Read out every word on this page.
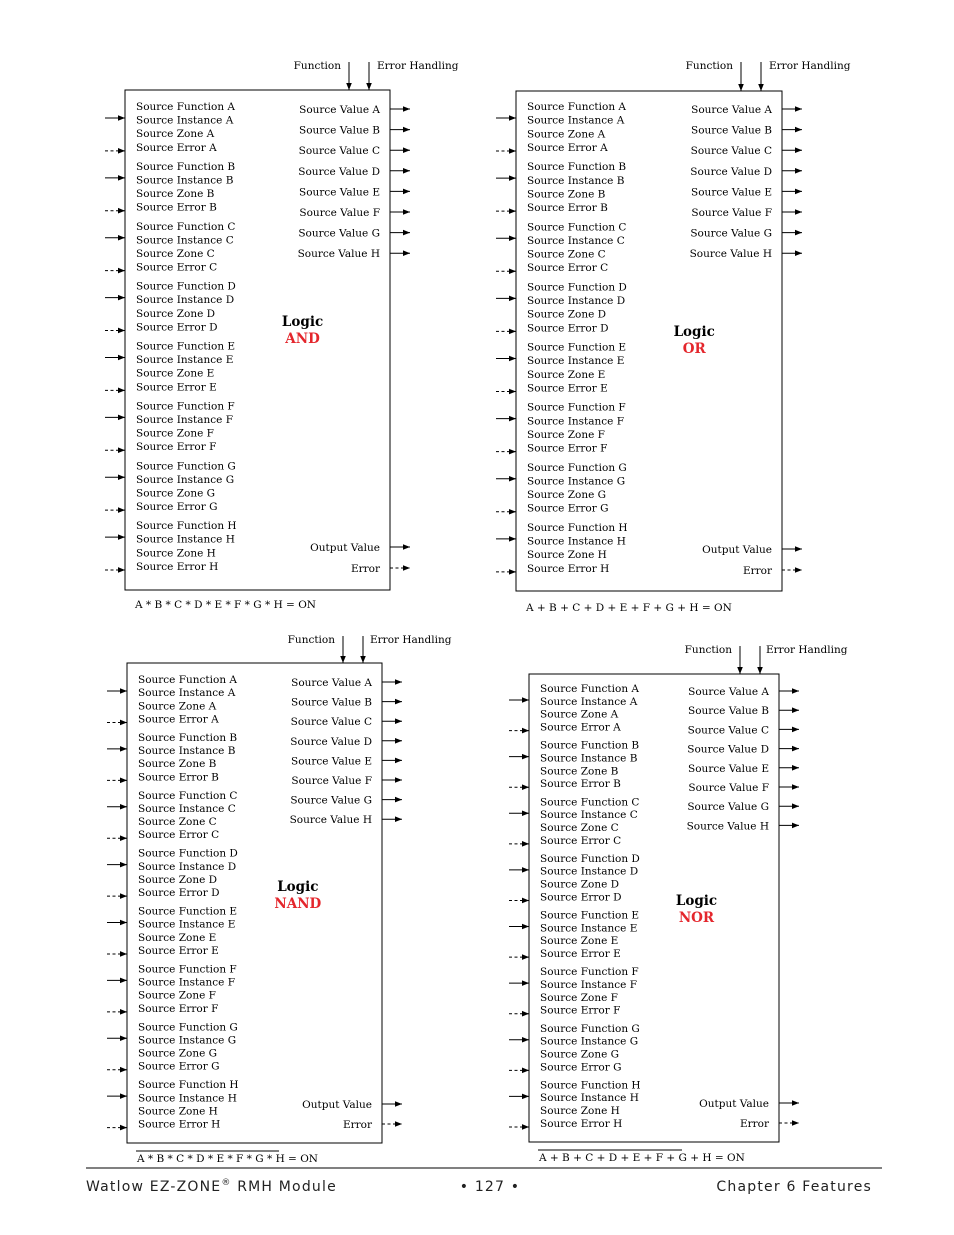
Source Function A
Source Instance A
Source Zone A
Source Error A
Source Function B
Source Instance B
Source Zone B
Source Error B
Source Function C
Source Instance C
Source Zone C
Source Error C
Source Function D
Source Instance D
Source Zone D
Source Error D
Source Function E
Source Instance E
Source Zone E
Source Error E
Source Function F
Source Instance F
Source Zone F
Source Error F
Source Function G
Source Instance G
Source Zone G
Source Error G
Source Function H
Source Instance H
Source Zone H
Source Error H
Source Value A
Source Value B
Source Value C
Source Value D
Source Value E
Source Value F
Source Value G
Source Value H
Output Value
Error
Function	Error Handling
Logic
AND
A * B * C * D * E * F * G * H = ON
Source Function A
Source Instance A
Source Zone A
Source Error A
Source Function B
Source Instance B
Source Zone B
Source Error B
Source Function C
Source Instance C
Source Zone C
Source Error C
Source Function D
Source Instance D
Source Zone D
Source Error D
Source Function E
Source Instance E
Source Zone E
Source Error E
Source Function F
Source Instance F
Source Zone F
Source Error F
Source Function G
Source Instance G
Source Zone G
Source Error G
Source Function H
Source Instance H
Source Zone H
Source Error H
Source Value A
Source Value B
Source Value C
Source Value D
Source Value E
Source Value F
Source Value G
Source Value H
Output Value
Error
Function	Error Handling
Logic
OR
A + B + C + D + E + F + G + H = ON
Source Function A
Source Instance A
Source Zone A
Source Error A
Source Function B
Source Instance B
Source Zone B
Source Error B
Source Function C
Source Instance C
Source Zone C
Source Error C
Source Function D
Source Instance D
Source Zone D
Source Error D
Source Function E
Source Instance E
Source Zone E
Source Error E
Source Function F
Source Instance F
Source Zone F
Source Error F
Source Function G
Source Instance G
Source Zone G
Source Error G
Source Function H
Source Instance H
Source Zone H
Source Error H
Source Value A
Source Value B
Source Value C
Source Value D
Source Value E
Source Value F
Source Value G
Source Value H
Output Value
Error
Function	Error Handling
Logic
NAND
A * B * C * D * E * F * G * H = ON
Source Function A
Source Instance A
Source Zone A
Source Error A
Source Function B
Source Instance B
Source Zone B
Source Error B
Source Function C
Source Instance C
Source Zone C
Source Error C
Source Function D
Source Instance D
Source Zone D
Source Error D
Source Function E
Source Instance E
Source Zone E
Source Error E
Source Function F
Source Instance F
Source Zone F
Source Error F
Source Function G
Source Instance G
Source Zone G
Source Error G
Source Function H
Source Instance H
Source Zone H
Source Error H
Source Value A
Source Value B
Source Value C
Source Value D
Source Value E
Source Value F
Source Value G
Source Value H
Output Value
Error
Function	Error Handling
Logic
NOR
A + B + C + D + E + F + G + H = ON
Watlow EZ-ZONE® RMH Module	• 127 •	Chapter 6 Features
